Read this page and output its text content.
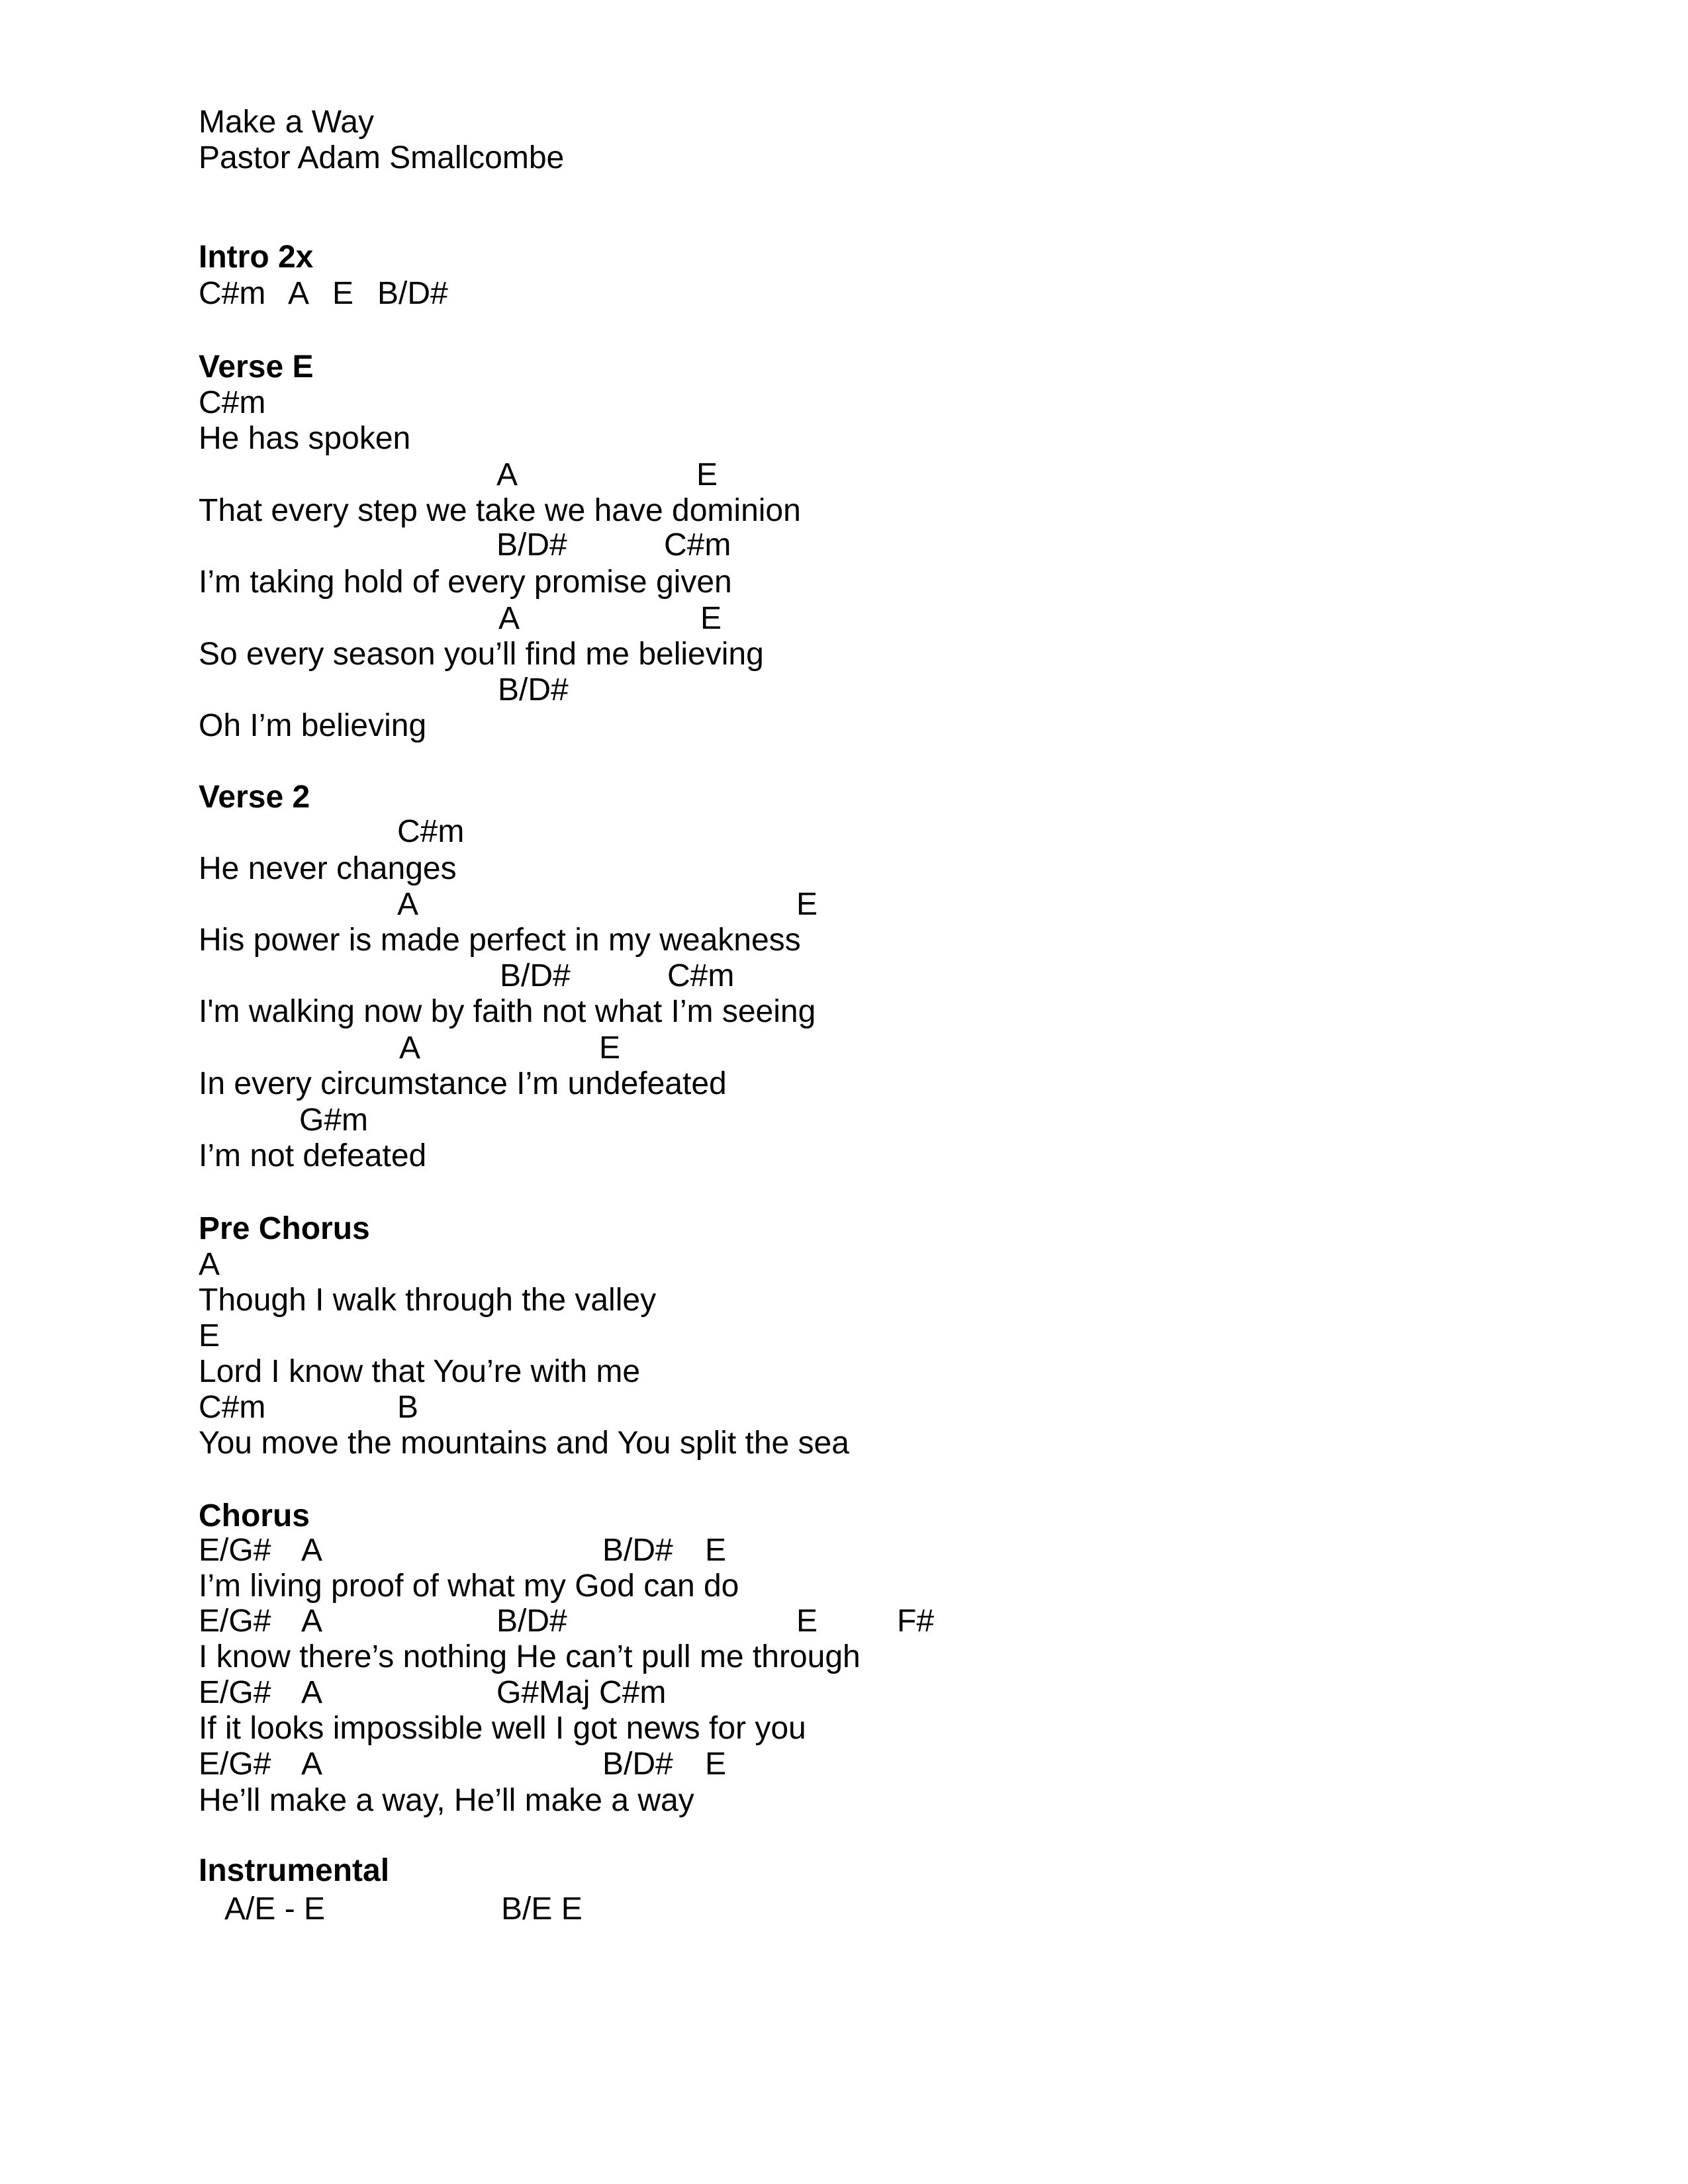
Make a Way
Pastor Adam Smallcombe
Intro 2x
C#m A E B/D#
Verse E
C#m
He has spoken
A	E
That every step we take we have dominion
B/D#	C#m
I’m taking hold of every promise given
A	E
So every season you’ll find me believing
B/D#
Oh I’m believing
Verse 2
C#m
He never changes
A	E
His power is made perfect in my weakness
B/D#	C#m
I'm walking now by faith not what I’m seeing
A	E
In every circumstance I’m undefeated
G#m
I’m not defeated
Pre Chorus
A
Though I walk through the valley
E
Lord I know that You’re with me
C#m	B
You move the mountains and You split the sea
Chorus
E/G# A	B/D# E
I’m living proof of what my God can do
E/G# A	B/D#	E F#
I know there’s nothing He can’t pull me through
E/G# A	G#Maj C#m
If it looks impossible well I got news for you
E/G# A	B/D# E
He’ll make a way, He’ll make a way
Instrumental
A/E - E	B/E E
